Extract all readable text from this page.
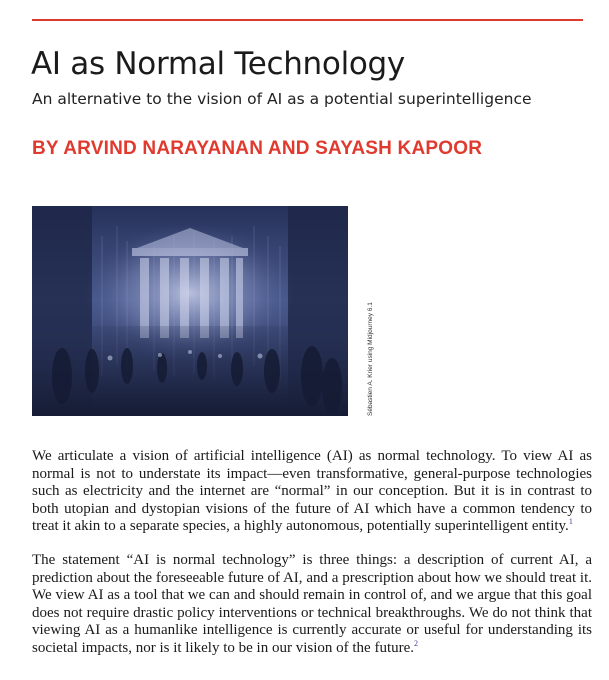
AI as Normal Technology

An alternative to the vision of AI as a potential superintelligence

BY ARVIND NARAYANAN AND SAYASH KAPOOR

Sébastien A. Krier using Midjourney 6.1

We articulate a vision of artificial intelligence (AI) as normal technology. To view AI as normal is not to understate its impact—even transformative, general-purpose technologies such as electricity and the internet are “normal” in our conception. But it is in contrast to both utopian and dystopian visions of the future of AI which have a common tendency to treat it akin to a separate species, a highly autonomous, potentially superintelligent entity.$^1$

The statement “AI is normal technology” is three things: a description of current AI, a prediction about the foreseeable future of AI, and a prescription about how we should treat it. We view AI as a tool that we can and should remain in control of, and we argue that this goal does not require drastic policy interventions or technical breakthroughs. We do not think that viewing AI as a humanlike intelligence is currently accurate or useful for understanding its societal impacts, nor is it likely to be in our vision of the future.$^2$
